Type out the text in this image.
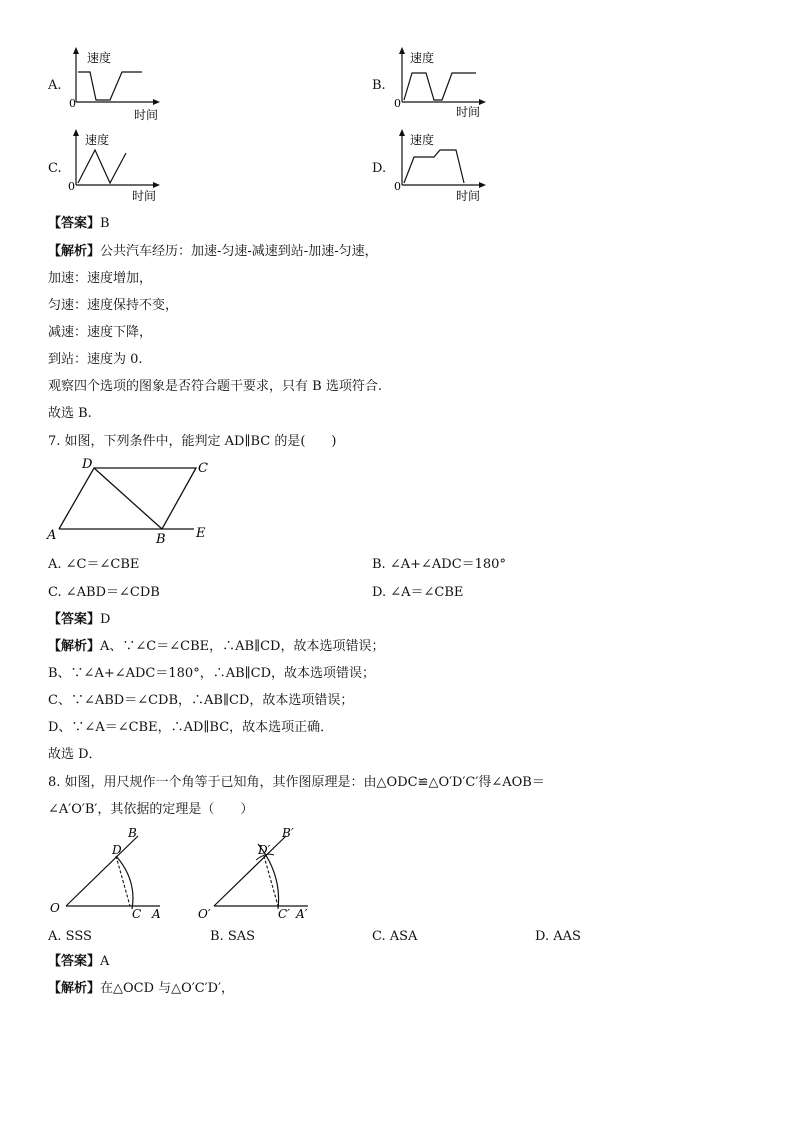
A.
速度
0
时间
B.
速度
0
时间
C.
速度
0
时间
D.
速度
0
时间
【答案】B
【解析】公共汽车经历：加速-匀速-减速到站-加速-匀速，
加速：速度增加，
匀速：速度保持不变，
减速：速度下降，
到站：速度为 0.
观察四个选项的图象是否符合题干要求，只有 B 选项符合.
故选 B.
7. 如图，下列条件中，能判定 AD∥BC 的是(　　)
D	C
A	B E
A. ∠C＝∠CBE	B. ∠A+∠ADC＝180°
C. ∠ABD＝∠CDB	D. ∠A＝∠CBE
【答案】D
【解析】A、∵∠C＝∠CBE，∴AB∥CD，故本选项错误；
B、∵∠A+∠ADC＝180°，∴AB∥CD，故本选项错误；
C、∵∠ABD＝∠CDB，∴AB∥CD，故本选项错误；
D、∵∠A＝∠CBE，∴AD∥BC，故本选项正确．
故选 D．
8. 如图，用尺规作一个角等于已知角，其作图原理是：由△ODC≌△O′D′C′得∠AOB＝
∠A′O′B′，其依据的定理是（　　）
B
D
O	C A
B′
D′
O′	C′ A′
A. SSS	B. SAS	C. ASA	D. AAS
【答案】A
【解析】在△OCD 与△O′C′D′，
